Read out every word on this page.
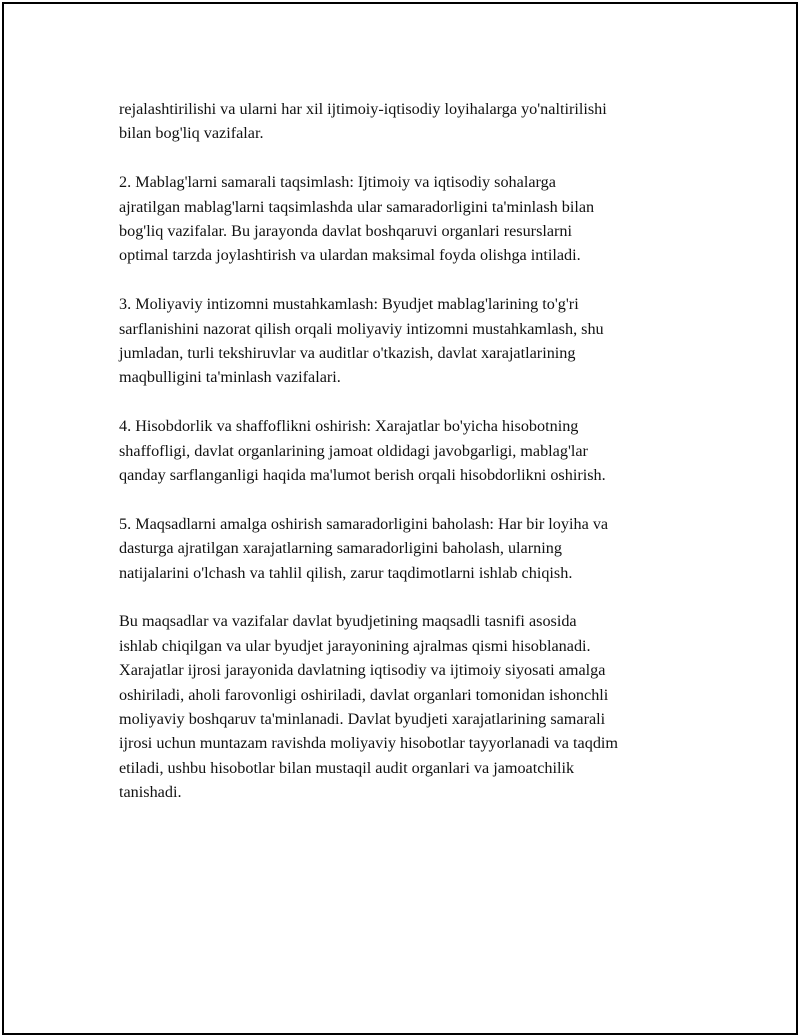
rejalashtirilishi va ularni har xil ijtimoiy-iqtisodiy loyihalarga yo'naltirilishi
bilan bog'liq vazifalar.

2. Mablag'larni samarali taqsimlash: Ijtimoiy va iqtisodiy sohalarga
ajratilgan mablag'larni taqsimlashda ular samaradorligini ta'minlash bilan
bog'liq vazifalar. Bu jarayonda davlat boshqaruvi organlari resurslarni
optimal tarzda joylashtirish va ulardan maksimal foyda olishga intiladi.

3. Moliyaviy intizomni mustahkamlash: Byudjet mablag'larining to'g'ri
sarflanishini nazorat qilish orqali moliyaviy intizomni mustahkamlash, shu
jumladan, turli tekshiruvlar va auditlar o'tkazish, davlat xarajatlarining
maqbulligini ta'minlash vazifalari.

4. Hisobdorlik va shaffoflikni oshirish: Xarajatlar bo'yicha hisobotning
shaffofligi, davlat organlarining jamoat oldidagi javobgarligi, mablag'lar
qanday sarflanganligi haqida ma'lumot berish orqali hisobdorlikni oshirish.

5. Maqsadlarni amalga oshirish samaradorligini baholash: Har bir loyiha va
dasturga ajratilgan xarajatlarning samaradorligini baholash, ularning
natijalarini o'lchash va tahlil qilish, zarur taqdimotlarni ishlab chiqish.

Bu maqsadlar va vazifalar davlat byudjetining maqsadli tasnifi asosida
ishlab chiqilgan va ular byudjet jarayonining ajralmas qismi hisoblanadi.
Xarajatlar ijrosi jarayonida davlatning iqtisodiy va ijtimoiy siyosati amalga
oshiriladi, aholi farovonligi oshiriladi, davlat organlari tomonidan ishonchli
moliyaviy boshqaruv ta'minlanadi. Davlat byudjeti xarajatlarining samarali
ijrosi uchun muntazam ravishda moliyaviy hisobotlar tayyorlanadi va taqdim
etiladi, ushbu hisobotlar bilan mustaqil audit organlari va jamoatchilik
tanishadi.
